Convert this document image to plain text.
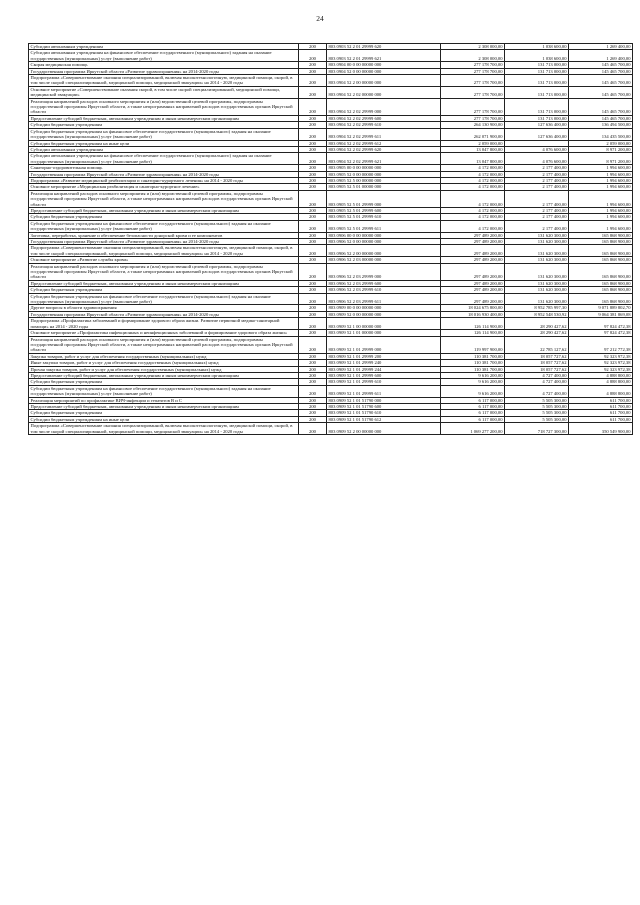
24
Субсидии автономным учреждениям	200	803 0903 52 2 01 29999 620	2 308 000,00	1 038 600,00	1 269 400,00
Субсидии автономным учреждениям на финансовое обеспечение государственного (муниципального) задания на оказание государственных (муниципальных) услуг (выполнение работ)	200	803 0903 52 2 01 29999 621	2 308 000,00	1 038 600,00	1 269 400,00
Скорая медицинская помощь	200	803 0904 00 0 00 00000 000	277 178 700,00	131 713 000,00	145 465 700,00
Государственная программа Иркутской области «Развитие здравоохранения» на 2014-2020 годы	200	803 0904 52 0 00 00000 000	277 178 700,00	131 713 000,00	145 465 700,00
Подпрограмма «Совершенствование оказания специализированной, включая высокотехнологичную, медицинской помощи, скорой, в том числе скорой специализированной, медицинской помощи, медицинской эвакуации» на 2014 - 2020 годы	200	803 0904 52 2 00 00000 000	277 178 700,00	131 713 000,00	145 465 700,00
Основное мероприятие «Совершенствование оказания скорой, в том числе скорой специализированной, медицинской помощи, медицинской эвакуации»	200	803 0904 52 2 02 00000 000	277 178 700,00	131 713 000,00	145 465 700,00
Реализация направлений расходов основного мероприятия и (или) ведомственной целевой программы, подпрограммы государственной программы Иркутской области, а также непрограммных направлений расходов государственных органов Иркутской области	200	803 0904 52 2 02 29999 000	277 178 700,00	131 713 000,00	145 465 700,00
Предоставление субсидий бюджетным, автономным учреждениям и иным некоммерческим организациям	200	803 0904 52 2 02 29999 600	277 178 700,00	131 713 000,00	145 465 700,00
Субсидии бюджетным учреждениям	200	803 0904 52 2 02 29999 610	264 130 900,00	127 636 400,00	136 494 500,00
Субсидии бюджетным учреждениям на финансовое обеспечение государственного (муниципального) задания на оказание государственных (муниципальных) услуг (выполнение работ)	200	803 0904 52 2 02 29999 611	262 071 900,00	127 636 400,00	134 435 500,00
Субсидии бюджетным учреждениям на иные цели	200	803 0904 52 2 02 29999 612	2 059 000,00		2 059 000,00
Субсидии автономным учреждениям	200	803 0904 52 2 02 29999 620	13 047 800,00	4 076 600,00	8 971 200,00
Субсидии автономным учреждениям на финансовое обеспечение государственного (муниципального) задания на оказание государственных (муниципальных) услуг (выполнение работ)	200	803 0904 52 2 02 29999 621	13 047 800,00	4 076 600,00	8 971 200,00
Санаторно-оздоровительная помощь	200	803 0905 00 0 00 00000 000	4 172 000,00	2 177 400,00	1 994 600,00
Государственная программа Иркутской области «Развитие здравоохранения» на 2014-2020 годы	200	803 0905 52 0 00 00000 000	4 172 000,00	2 177 400,00	1 994 600,00
Подпрограмма «Развитие медицинской реабилитации и санаторно-курортного лечения» на 2014 - 2020 годы	200	803 0905 52 5 00 00000 000	4 172 000,00	2 177 400,00	1 994 600,00
Основное мероприятие «Медицинская реабилитация и санаторно-курортное лечение»	200	803 0905 52 5 01 00000 000	4 172 000,00	2 177 400,00	1 994 600,00
Реализация направлений расходов основного мероприятия и (или) ведомственной целевой программы, подпрограммы государственной программы Иркутской области, а также непрограммных направлений расходов государственных органов Иркутской области	200	803 0905 52 5 01 29999 000	4 172 000,00	2 177 400,00	1 994 600,00
Предоставление субсидий бюджетным, автономным учреждениям и иным некоммерческим организациям	200	803 0905 52 5 01 29999 600	4 172 000,00	2 177 400,00	1 994 600,00
Субсидии бюджетным учреждениям	200	803 0905 52 5 01 29999 610	4 172 000,00	2 177 400,00	1 994 600,00
Субсидии бюджетным учреждениям на финансовое обеспечение государственного (муниципального) задания на оказание государственных (муниципальных) услуг (выполнение работ)	200	803 0905 52 5 01 29999 611	4 172 000,00	2 177 400,00	1 994 600,00
Заготовка, переработка, хранение и обеспечение безопасности донорской крови и ее компонентов	200	803 0906 00 0 00 00000 000	297 489 200,00	131 620 300,00	165 868 900,00
Государственная программа Иркутской области «Развитие здравоохранения» на 2014-2020 годы	200	803 0906 52 0 00 00000 000	297 489 200,00	131 620 300,00	165 868 900,00
Подпрограмма «Совершенствование оказания специализированной, включая высокотехнологичную, медицинской помощи, скорой, в том числе скорой специализированной, медицинской помощи, медицинской эвакуации» на 2014 - 2020 годы	200	803 0906 52 2 00 00000 000	297 489 200,00	131 620 300,00	165 868 900,00
Основное мероприятие «Развитие службы крови»	200	803 0906 52 2 03 00000 000	297 489 200,00	131 620 300,00	165 868 900,00
Реализация направлений расходов основного мероприятия и (или) ведомственной целевой программы, подпрограммы государственной программы Иркутской области, а также непрограммных направлений расходов государственных органов Иркутской области	200	803 0906 52 2 03 29999 000	297 489 200,00	131 620 300,00	165 868 900,00
Предоставление субсидий бюджетным, автономным учреждениям и иным некоммерческим организациям	200	803 0906 52 2 03 29999 600	297 489 200,00	131 620 300,00	165 868 900,00
Субсидии бюджетным учреждениям	200	803 0906 52 2 03 29999 610	297 489 200,00	131 620 300,00	165 868 900,00
Субсидии бюджетным учреждениям на финансовое обеспечение государственного (муниципального) задания на оказание государственных (муниципальных) услуг (выполнение работ)	200	803 0906 52 2 03 29999 611	297 489 200,00	131 620 300,00	165 868 900,00
Другие вопросы в области здравоохранения	200	803 0909 00 0 00 00000 000	18 024 675 800,00	8 952 785 997,30	9 071 889 802,70
Государственная программа Иркутской области «Развитие здравоохранения» на 2014-2020 годы	200	803 0909 52 0 00 00000 000	18 016 930 400,00	8 952 548 530,92	9 064 381 869,08
Подпрограмма «Профилактика заболеваний и формирование здорового образа жизни. Развитие первичной медико-санитарной помощи» на 2014 - 2020 годы	200	803 0909 52 1 00 00000 000	126 114 900,00	28 290 427,62	97 824 472,38
Основное мероприятие «Профилактика инфекционных и неинфекционных заболеваний и формирование здорового образа жизни»	200	803 0909 52 1 01 00000 000	126 114 900,00	28 290 427,62	97 824 472,38
Реализация направлений расходов основного мероприятия и (или) ведомственной целевой программы, подпрограммы государственной программы Иркутской области, а также непрограммных направлений расходов государственных органов Иркутской области	200	803 0909 52 1 01 29999 000	119 997 900,00	22 785 127,62	97 212 772,38
Закупка товаров, работ и услуг для обеспечения государственных (муниципальных) нужд	200	803 0909 52 1 01 29999 200	110 381 700,00	18 057 727,62	92 323 972,38
Иные закупки товаров, работ и услуг для обеспечения государственных (муниципальных) нужд	200	803 0909 52 1 01 29999 240	110 381 700,00	18 057 727,62	92 323 972,38
Прочая закупка товаров, работ и услуг для обеспечения государственных (муниципальных) нужд	200	803 0909 52 1 01 29999 244	110 381 700,00	18 057 727,62	92 323 972,38
Предоставление субсидий бюджетным, автономным учреждениям и иным некоммерческим организациям	200	803 0909 52 1 01 29999 600	9 616 200,00	4 727 400,00	4 888 800,00
Субсидии бюджетным учреждениям	200	803 0909 52 1 01 29999 610	9 616 200,00	4 727 400,00	4 888 800,00
Субсидии бюджетным учреждениям на финансовое обеспечение государственного (муниципального) задания на оказание государственных (муниципальных) услуг (выполнение работ)	200	803 0909 52 1 01 29999 611	9 616 200,00	4 727 400,00	4 888 800,00
Реализация мероприятий по профилактике ВИЧ-инфекции и гепатитов В и С	200	803 0909 52 1 01 51790 000	6 117 000,00	5 505 300,00	611 700,00
Предоставление субсидий бюджетным, автономным учреждениям и иным некоммерческим организациям	200	803 0909 52 1 01 51790 600	6 117 000,00	5 505 300,00	611 700,00
Субсидии бюджетным учреждениям	200	803 0909 52 1 01 51790 610	6 117 000,00	5 505 300,00	611 700,00
Субсидии бюджетным учреждениям на иные цели	200	803 0909 52 1 01 51790 612	6 117 000,00	5 505 300,00	611 700,00
Подпрограмма «Совершенствование оказания специализированной, включая высокотехнологичную, медицинской помощи, скорой, в том числе скорой специализированной, медицинской помощи, медицинской эвакуации» на 2014 - 2020 годы	200	803 0909 52 2 00 00000 000	1 069 277 200,00	718 727 300,00	350 549 900,00
